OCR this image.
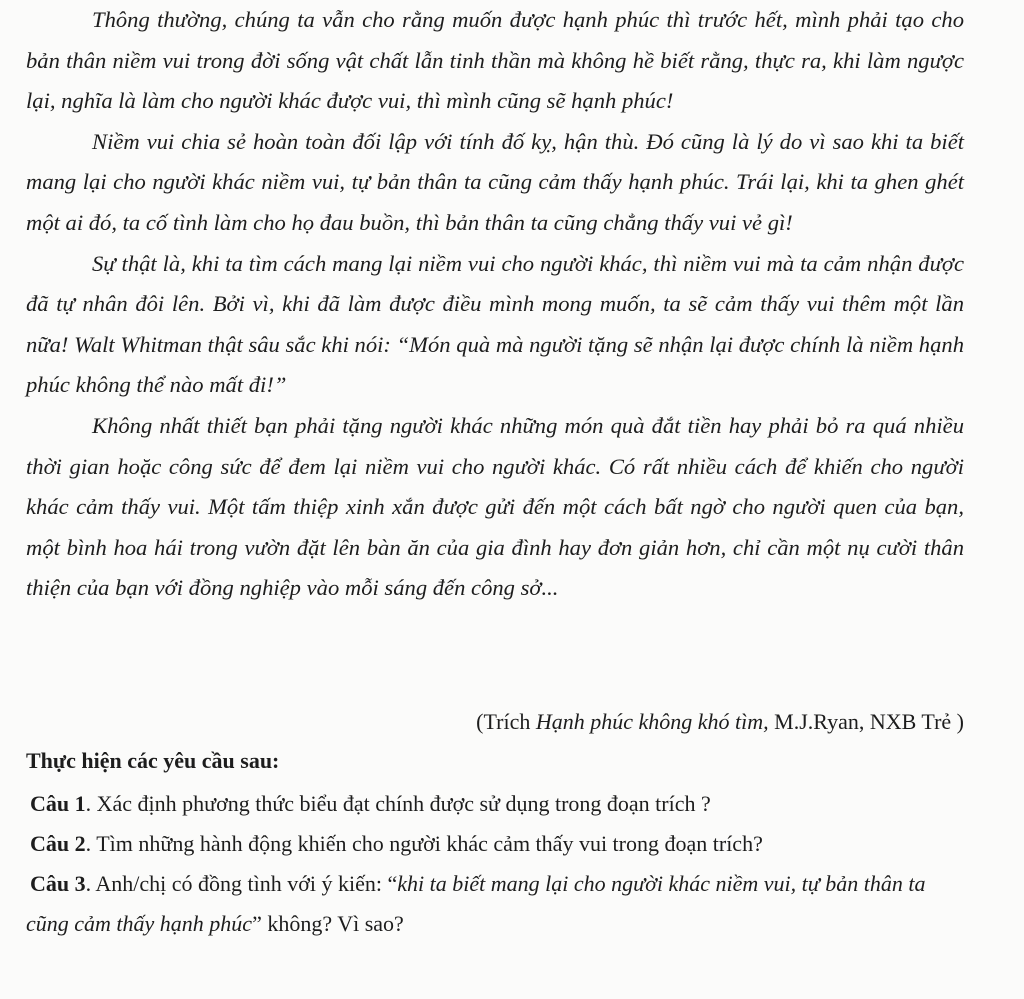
Thông thường, chúng ta vẫn cho rằng muốn được hạnh phúc thì trước hết, mình phải tạo cho bản thân niềm vui trong đời sống vật chất lẫn tinh thần mà không hề biết rằng, thực ra, khi làm ngược lại, nghĩa là làm cho người khác được vui, thì mình cũng sẽ hạnh phúc!

Niềm vui chia sẻ hoàn toàn đối lập với tính đố kỵ, hận thù. Đó cũng là lý do vì sao khi ta biết mang lại cho người khác niềm vui, tự bản thân ta cũng cảm thấy hạnh phúc. Trái lại, khi ta ghen ghét một ai đó, ta cố tình làm cho họ đau buồn, thì bản thân ta cũng chẳng thấy vui vẻ gì!

Sự thật là, khi ta tìm cách mang lại niềm vui cho người khác, thì niềm vui mà ta cảm nhận được đã tự nhân đôi lên. Bởi vì, khi đã làm được điều mình mong muốn, ta sẽ cảm thấy vui thêm một lần nữa! Walt Whitman thật sâu sắc khi nói: “Món quà mà người tặng sẽ nhận lại được chính là niềm hạnh phúc không thể nào mất đi!”

Không nhất thiết bạn phải tặng người khác những món quà đắt tiền hay phải bỏ ra quá nhiều thời gian hoặc công sức để đem lại niềm vui cho người khác. Có rất nhiều cách để khiến cho người khác cảm thấy vui. Một tấm thiệp xinh xắn được gửi đến một cách bất ngờ cho người quen của bạn, một bình hoa hái trong vườn đặt lên bàn ăn của gia đình hay đơn giản hơn, chỉ cần một nụ cười thân thiện của bạn với đồng nghiệp vào mỗi sáng đến công sở...

(Trích Hạnh phúc không khó tìm, M.J.Ryan, NXB Trẻ )
Thực hiện các yêu cầu sau:

Câu 1. Xác định phương thức biểu đạt chính được sử dụng trong đoạn trích ?

Câu 2. Tìm những hành động khiến cho người khác cảm thấy vui trong đoạn trích?

Câu 3. Anh/chị có đồng tình với ý kiến: “khi ta biết mang lại cho người khác niềm vui, tự bản thân ta cũng cảm thấy hạnh phúc” không? Vì sao?
